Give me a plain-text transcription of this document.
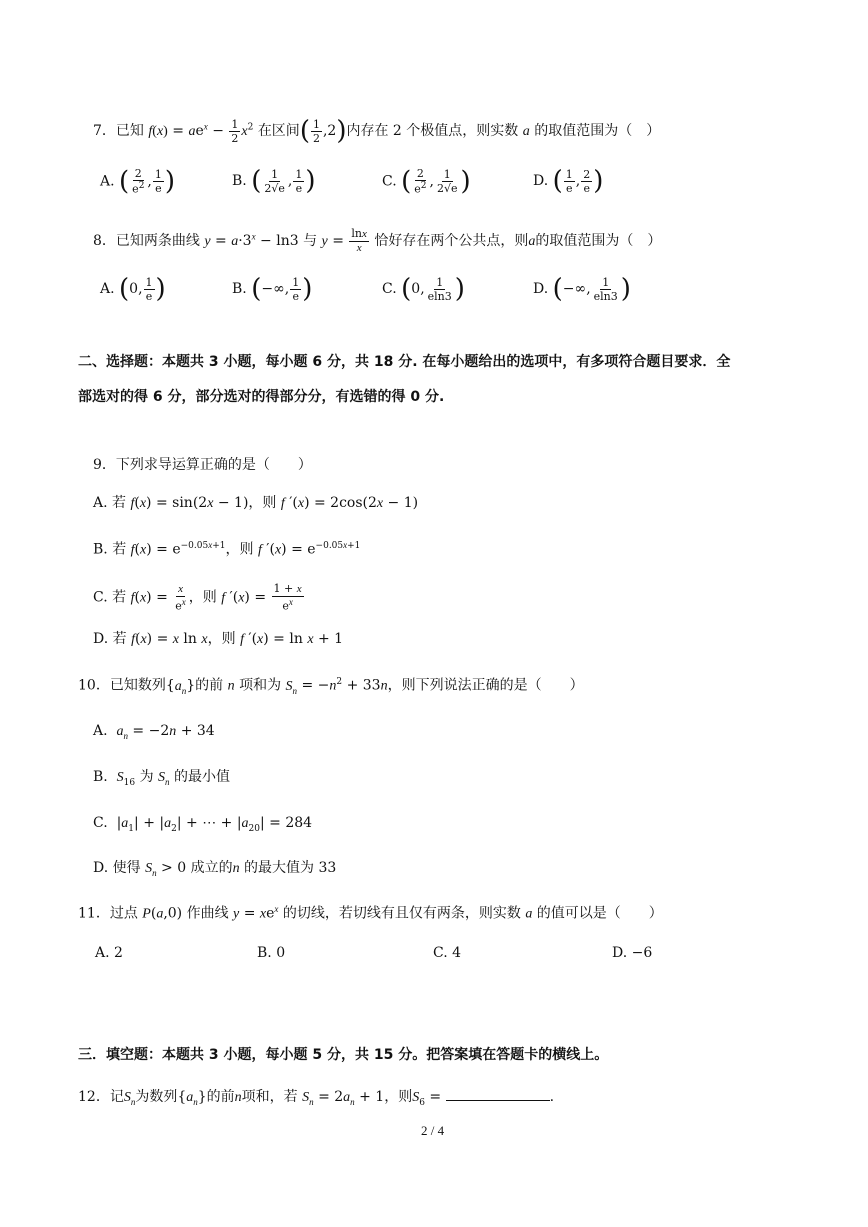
7．已知 $f(x) = ae^x - \frac{1}{2} x^2$ 在区间( $\frac{1}{2} ,2$)内存在 2 个极值点，则实数 a 的取值范围为（　）
A. ( $\frac{2}{e^2}$ , $\frac{1}{e}$ )	B. ( $\frac{1}{2√e}$ , $\frac{1}{e}$ )	C. ( $\frac{2}{e^2}$ , $\frac{1}{2√e}$ )	D. ( $\frac{1}{e}$ , $\frac{2}{e}$ )
8．已知两条曲线 $y = a\cdot 3^x - \ln 3$ 与 $y = \frac{\ln x}{x}$ 恰好存在两个公共点，则a的取值范围为（　）
A. (0, $\frac{1}{e}$ )	B. (−∞, $\frac{1}{e}$ )	C. (0, $\frac{1}{eln3}$ )	D. (−∞, $\frac{1}{eln3}$ )
二、选择题：本题共 3 小题，每小题 6 分，共 18 分. 在每小题给出的选项中，有多项符合题目要求．全
部选对的得 6 分，部分选对的得部分分，有选错的得 0 分.
9．下列求导运算正确的是（　　）
A. 若 f(x) = sin(2x − 1)，则 f ′(x) = 2cos(2x − 1)
B. 若 $f(x) = e^{-0.05x+1}$，则 f $'(x) = e^{-0.05x+1}$
C. 若 $f(x) = \frac{x}{e^x}$ ，则 f $'(x) = \frac{1 + x}{e^x}$
D. 若 f(x) = x ln x，则 f ′(x) = ln x + 1
10．已知数列$\{a_n\}$的前 n 项和为 $S_n = -n^2 + 33n$，则下列说法正确的是（　　）
A. $a_n = -2n + 34$
B. $S_{16}$ 为 $S_n$ 的最小值
C.  $|a_1| + |a_2|$ + ⋯ + $|a_{20}| = 284$
D. 使得 $S_n > 0$ 成立的n 的最大值为 33
11．过点 P(a,0) 作曲线 $y = xe^x$ 的切线，若切线有且仅有两条，则实数 a 的值可以是（　　）
A. 2	B. 0	C. 4	D. −6
三．填空题：本题共 3 小题，每小题 5 分，共 15 分。把答案填在答题卡的横线上。
12．记$S_n$为数列$\{a_n\}$的前n项和，若 $S_n = 2a_n + 1$，则$S_6$ =	.
2 / 4
